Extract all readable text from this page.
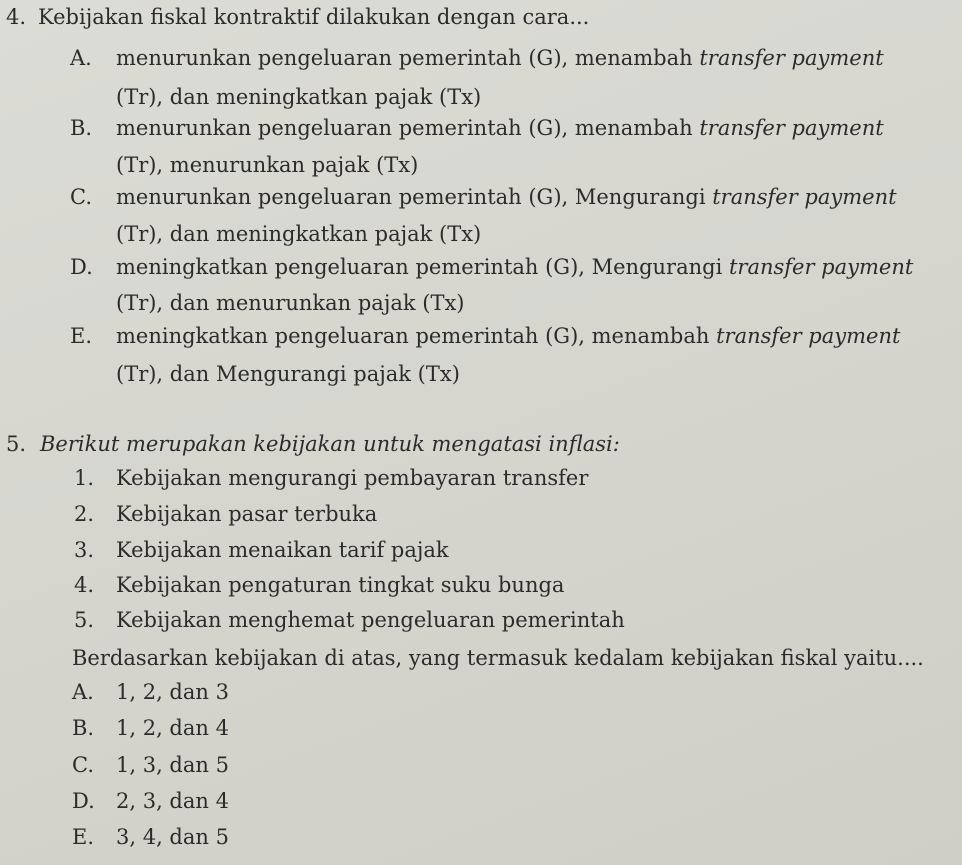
4. Kebijakan fiskal kontraktif dilakukan dengan cara...
A. menurunkan pengeluaran pemerintah (G), menambah transfer payment
(Tr), dan meningkatkan pajak (Tx)
B. menurunkan pengeluaran pemerintah (G), menambah transfer payment
(Tr), menurunkan pajak (Tx)
C. menurunkan pengeluaran pemerintah (G), Mengurangi transfer payment
(Tr), dan meningkatkan pajak (Tx)
D. meningkatkan pengeluaran pemerintah (G), Mengurangi transfer payment
(Tr), dan menurunkan pajak (Tx)
E. meningkatkan pengeluaran pemerintah (G), menambah transfer payment
(Tr), dan Mengurangi pajak (Tx)
5. Berikut merupakan kebijakan untuk mengatasi inflasi:
1. Kebijakan mengurangi pembayaran transfer
2. Kebijakan pasar terbuka
3. Kebijakan menaikan tarif pajak
4. Kebijakan pengaturan tingkat suku bunga
5. Kebijakan menghemat pengeluaran pemerintah
Berdasarkan kebijakan di atas, yang termasuk kedalam kebijakan fiskal yaitu....
A. 1, 2, dan 3
B. 1, 2, dan 4
C. 1, 3, dan 5
D. 2, 3, dan 4
E. 3, 4, dan 5
